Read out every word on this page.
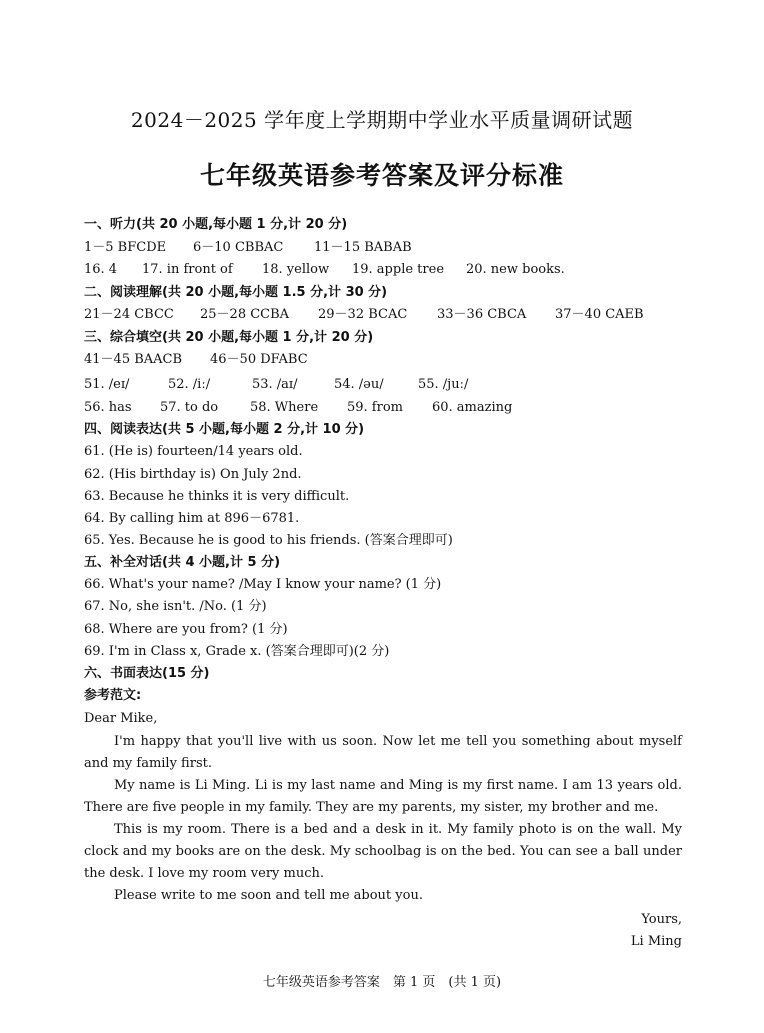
2024－2025 学年度上学期期中学业水平质量调研试题
七年级英语参考答案及评分标准
一、听力(共 20 小题,每小题 1 分,计 20 分)
1－5 BFCDE 6－10 CBBAC 11－15 BABAB
16. 4 17. in front of 18. yellow 19. apple tree 20. new books.
二、阅读理解(共 20 小题,每小题 1.5 分,计 30 分)
21－24 CBCC 25－28 CCBA 29－32 BCAC 33－36 CBCA 37－40 CAEB
三、综合填空(共 20 小题,每小题 1 分,计 20 分)
41－45 BAACB 46－50 DFABC
51. /eɪ/	52. /iː/	53. /aɪ/	54. /əu/	55. /juː/
56. has 57. to do 58. Where 59. from 60. amazing
四、阅读表达(共 5 小题,每小题 2 分,计 10 分)
61. (He is) fourteen/14 years old.
62. (His birthday is) On July 2nd.
63. Because he thinks it is very difficult.
64. By calling him at 896－6781.
65. Yes. Because he is good to his friends. (答案合理即可)
五、补全对话(共 4 小题,计 5 分)
66. What's your name? /May I know your name? (1 分)
67. No, she isn't. /No. (1 分)
68. Where are you from? (1 分)
69. I'm in Class x, Grade x. (答案合理即可)(2 分)
六、书面表达(15 分)
参考范文:
Dear Mike,
I'm happy that you'll live with us soon. Now let me tell you something about myself and my family first.
My name is Li Ming. Li is my last name and Ming is my first name. I am 13 years old. There are five people in my family. They are my parents, my sister, my brother and me.
This is my room. There is a bed and a desk in it. My family photo is on the wall. My clock and my books are on the desk. My schoolbag is on the bed. You can see a ball under the desk. I love my room very much.
Please write to me soon and tell me about you.
Yours,
Li Ming
七年级英语参考答案　第 1 页　(共 1 页)
